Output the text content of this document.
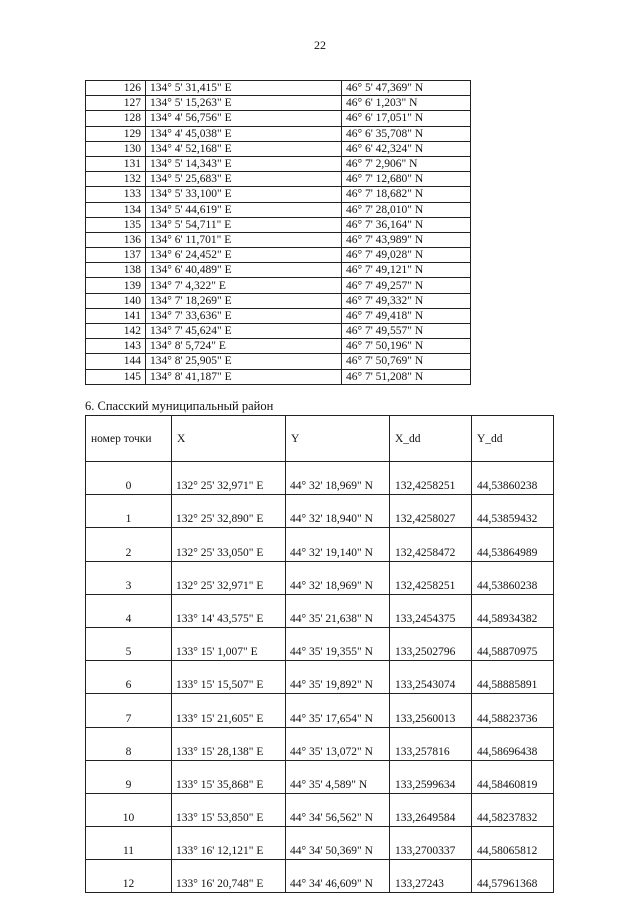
22
126	134° 5' 31,415" E	46° 5' 47,369" N
127	134° 5' 15,263" E	46° 6' 1,203" N
128	134° 4' 56,756" E	46° 6' 17,051" N
129	134° 4' 45,038" E	46° 6' 35,708" N
130	134° 4' 52,168" E	46° 6' 42,324" N
131	134° 5' 14,343" E	46° 7' 2,906" N
132	134° 5' 25,683" E	46° 7' 12,680" N
133	134° 5' 33,100" E	46° 7' 18,682" N
134	134° 5' 44,619" E	46° 7' 28,010" N
135	134° 5' 54,711" E	46° 7' 36,164" N
136	134° 6' 11,701" E	46° 7' 43,989" N
137	134° 6' 24,452" E	46° 7' 49,028" N
138	134° 6' 40,489" E	46° 7' 49,121" N
139	134° 7' 4,322" E	46° 7' 49,257" N
140	134° 7' 18,269" E	46° 7' 49,332" N
141	134° 7' 33,636" E	46° 7' 49,418" N
142	134° 7' 45,624" E	46° 7' 49,557" N
143	134° 8' 5,724" E	46° 7' 50,196" N
144	134° 8' 25,905" E	46° 7' 50,769" N
145	134° 8' 41,187" E	46° 7' 51,208" N
6. Спасский муниципальный район
номер точки	X	Y	X_dd	Y_dd
0	132° 25' 32,971" E	44° 32' 18,969" N	132,4258251	44,53860238
1	132° 25' 32,890" E	44° 32' 18,940" N	132,4258027	44,53859432
2	132° 25' 33,050" E	44° 32' 19,140" N	132,4258472	44,53864989
3	132° 25' 32,971" E	44° 32' 18,969" N	132,4258251	44,53860238
4	133° 14' 43,575" E	44° 35' 21,638" N	133,2454375	44,58934382
5	133° 15' 1,007" E	44° 35' 19,355" N	133,2502796	44,58870975
6	133° 15' 15,507" E	44° 35' 19,892" N	133,2543074	44,58885891
7	133° 15' 21,605" E	44° 35' 17,654" N	133,2560013	44,58823736
8	133° 15' 28,138" E	44° 35' 13,072" N	133,257816	44,58696438
9	133° 15' 35,868" E	44° 35' 4,589" N	133,2599634	44,58460819
10	133° 15' 53,850" E	44° 34' 56,562" N	133,2649584	44,58237832
11	133° 16' 12,121" E	44° 34' 50,369" N	133,2700337	44,58065812
12	133° 16' 20,748" E	44° 34' 46,609" N	133,27243	44,57961368
